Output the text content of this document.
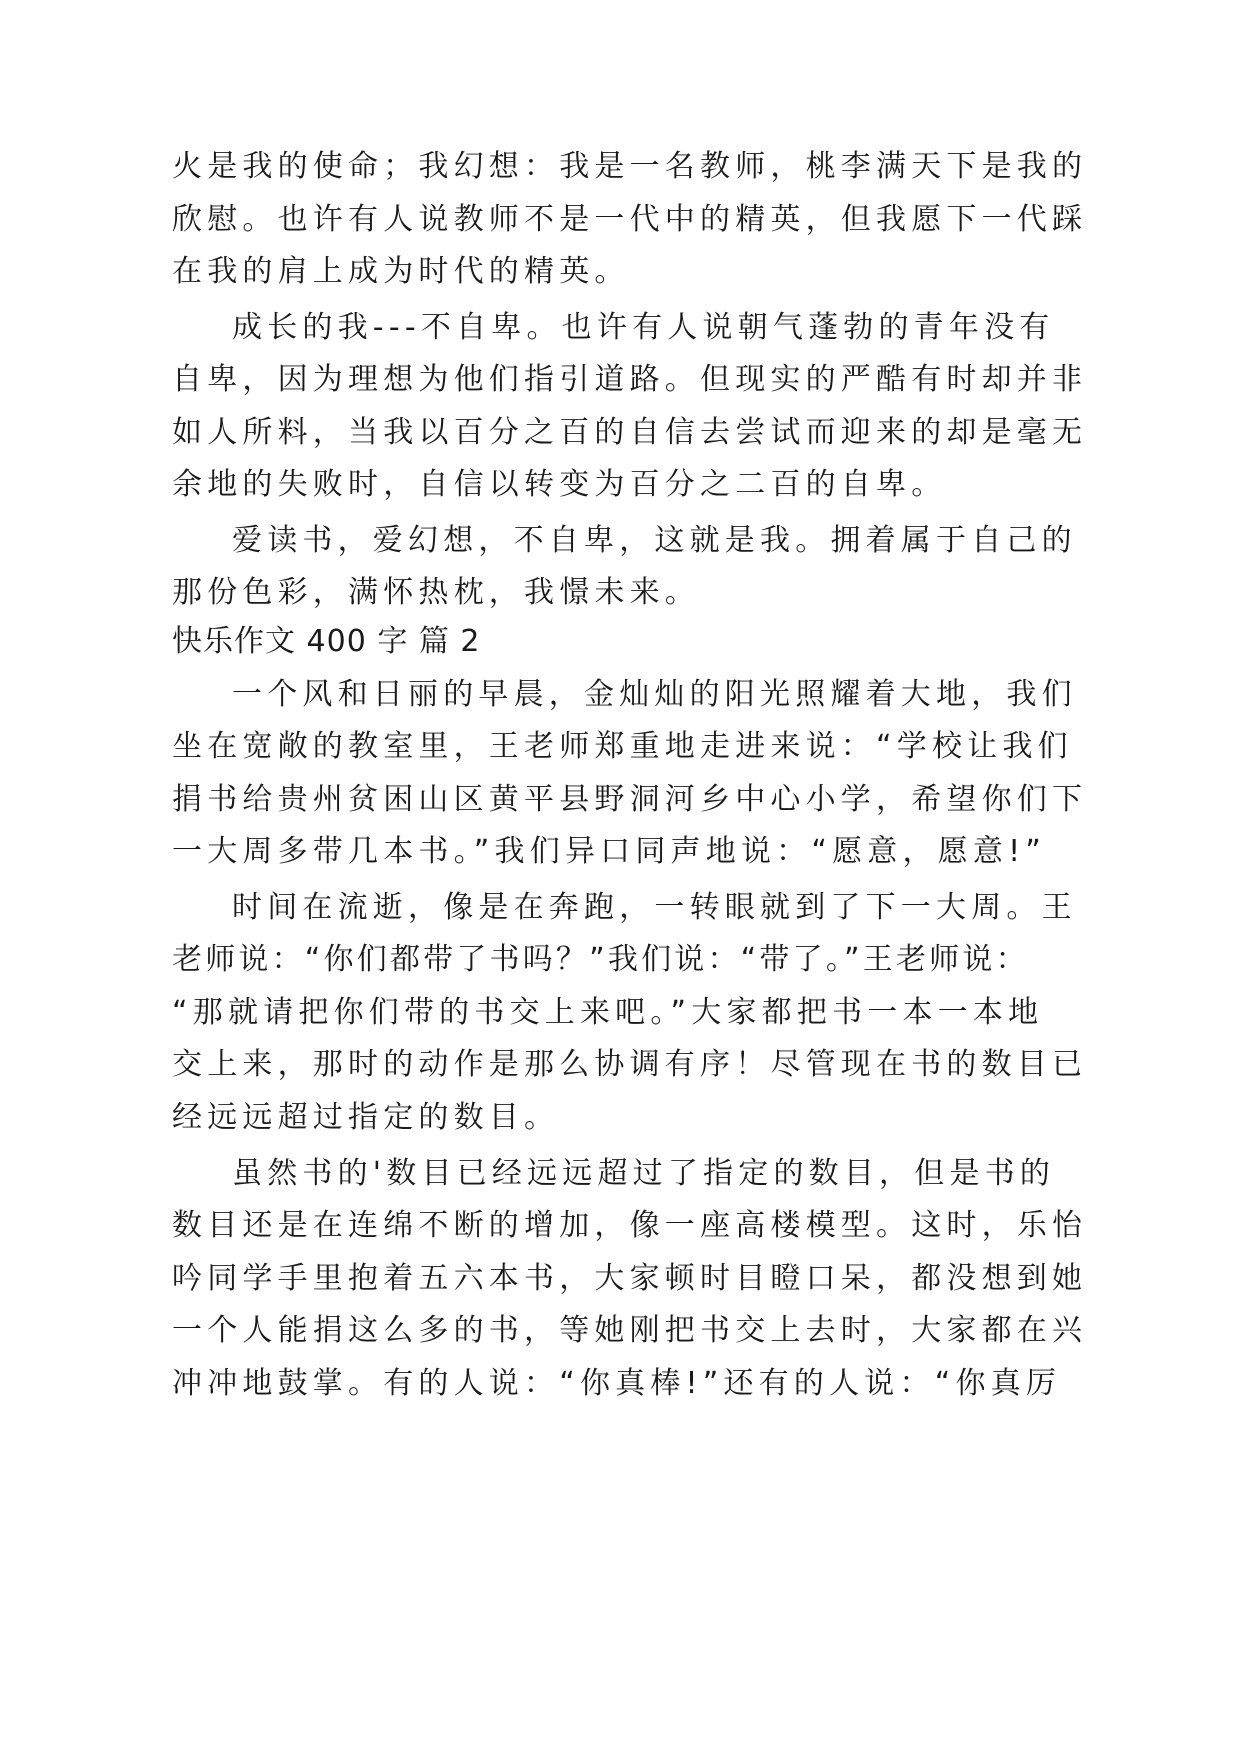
火是我的使命；我幻想：我是一名教师，桃李满天下是我的
欣慰。也许有人说教师不是一代中的精英，但我愿下一代踩
在我的肩上成为时代的精英。
成长的我---不自卑。也许有人说朝气蓬勃的青年没有
自卑，因为理想为他们指引道路。但现实的严酷有时却并非
如人所料，当我以百分之百的自信去尝试而迎来的却是毫无
余地的失败时，自信以转变为百分之二百的自卑。
爱读书，爱幻想，不自卑，这就是我。拥着属于自己的
那份色彩，满怀热枕，我憬未来。
快乐作文 400 字 篇 2
一个风和日丽的早晨，金灿灿的阳光照耀着大地，我们
坐在宽敞的教室里，王老师郑重地走进来说：“学校让我们
捐书给贵州贫困山区黄平县野洞河乡中心小学，希望你们下
一大周多带几本书。”我们异口同声地说：“愿意，愿意!”
时间在流逝，像是在奔跑，一转眼就到了下一大周。王
老师说：“你们都带了书吗？”我们说：“带了。”王老师说：
“那就请把你们带的书交上来吧。”大家都把书一本一本地
交上来，那时的动作是那么协调有序！尽管现在书的数目已
经远远超过指定的数目。
虽然书的'数目已经远远超过了指定的数目，但是书的
数目还是在连绵不断的增加，像一座高楼模型。这时，乐怡
吟同学手里抱着五六本书，大家顿时目瞪口呆，都没想到她
一个人能捐这么多的书，等她刚把书交上去时，大家都在兴
冲冲地鼓掌。有的人说：“你真棒!”还有的人说：“你真厉
